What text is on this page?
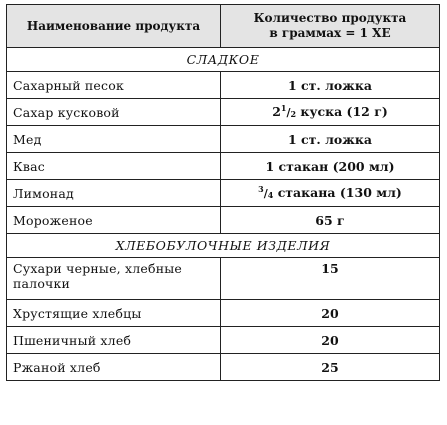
Наименование продукта	Количество продукта
в граммах = 1 ХЕ
СЛАДКОЕ	
Сахарный песок	1 ст. ложка
Сахар кусковой	$2^1/2$ куска (12 г)
Мед	1 ст. ложка
Квас	1 стакан (200 мл)
Лимонад	$^3$/4 стакана (130 мл)
Мороженое	65 г
ХЛЕБОБУЛОЧНЫЕ ИЗДЕЛИЯ	
Сухари черные, хлебные
палочки	15
Хрустящие хлебцы	20
Пшеничный хлеб	20
Ржаной хлеб	25
